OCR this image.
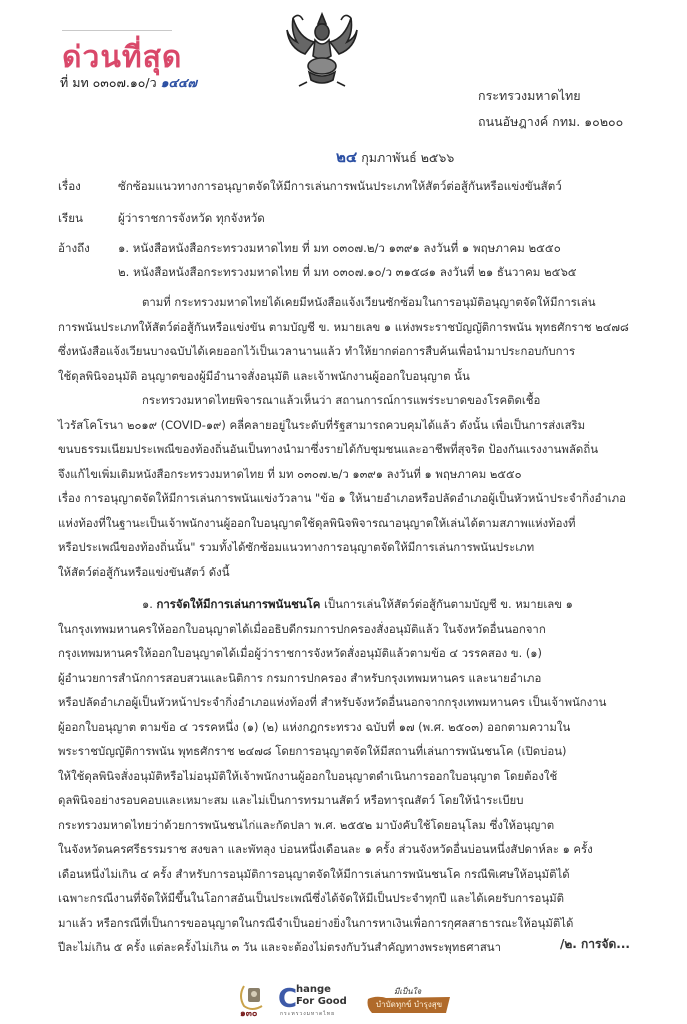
ด่วนที่สุด
ที่ มท ๐๓๐๗.๑๐/ว ๑๔๔๗
กระทรวงมหาดไทย
ถนนอัษฎางค์ กทม. ๑๐๒๐๐
๒๔ กุมภาพันธ์ ๒๕๖๖
เรื่อง	ซักซ้อมแนวทางการอนุญาตจัดให้มีการเล่นการพนันประเภทให้สัตว์ต่อสู้กันหรือแข่งขันสัตว์
เรียน	ผู้ว่าราชการจังหวัด ทุกจังหวัด
อ้างถึง ๑. หนังสือหนังสือกระทรวงมหาดไทย ที่ มท ๐๓๐๗.๒/ว ๑๓๙๑ ลงวันที่ ๑ พฤษภาคม ๒๕๕๐
๒. หนังสือหนังสือกระทรวงมหาดไทย ที่ มท ๐๓๐๗.๑๐/ว ๓๑๕๘๑ ลงวันที่ ๒๑ ธันวาคม ๒๕๖๕

ตามที่ กระทรวงมหาดไทยได้เคยมีหนังสือแจ้งเวียนซักซ้อมในการอนุมัติอนุญาตจัดให้มีการเล่น

การพนันประเภทให้สัตว์ต่อสู้กันหรือแข่งขัน ตามบัญชี ข. หมายเลข ๑ แห่งพระราชบัญญัติการพนัน พุทธศักราช ๒๔๗๘

ซึ่งหนังสือแจ้งเวียนบางฉบับได้เคยออกไว้เป็นเวลานานแล้ว ทำให้ยากต่อการสืบค้นเพื่อนำมาประกอบกับการ

ใช้ดุลพินิจอนุมัติ อนุญาตของผู้มีอำนาจสั่งอนุมัติ และเจ้าพนักงานผู้ออกใบอนุญาต นั้น

กระทรวงมหาดไทยพิจารณาแล้วเห็นว่า สถานการณ์การแพร่ระบาดของโรคติดเชื้อ

ไวรัสโคโรนา ๒๐๑๙ (COVID-๑๙) คลี่คลายอยู่ในระดับที่รัฐสามารถควบคุมได้แล้ว ดังนั้น เพื่อเป็นการส่งเสริม

ขนบธรรมเนียมประเพณีของท้องถิ่นอันเป็นทางนำมาซึ่งรายได้กับชุมชนและอาชีพที่สุจริต ป้องกันแรงงานพลัดถิ่น

จึงแก้ไขเพิ่มเติมหนังสือกระทรวงมหาดไทย ที่ มท ๐๓๐๗.๒/ว ๑๓๙๑ ลงวันที่ ๑ พฤษภาคม ๒๕๕๐

เรื่อง การอนุญาตจัดให้มีการเล่นการพนันแข่งวัวลาน "ข้อ ๑ ให้นายอำเภอหรือปลัดอำเภอผู้เป็นหัวหน้าประจำกิ่งอำเภอ

แห่งท้องที่ในฐานะเป็นเจ้าพนักงานผู้ออกใบอนุญาตใช้ดุลพินิจพิจารณาอนุญาตให้เล่นได้ตามสภาพแห่งท้องที่

หรือประเพณีของท้องถิ่นนั้น" รวมทั้งได้ซักซ้อมแนวทางการอนุญาตจัดให้มีการเล่นการพนันประเภท

ให้สัตว์ต่อสู้กันหรือแข่งขันสัตว์ ดังนี้

๑. การจัดให้มีการเล่นการพนันชนโค เป็นการเล่นให้สัตว์ต่อสู้กันตามบัญชี ข. หมายเลข ๑

ในกรุงเทพมหานครให้ออกใบอนุญาตได้เมื่ออธิบดีกรมการปกครองสั่งอนุมัติแล้ว ในจังหวัดอื่นนอกจาก

กรุงเทพมหานครให้ออกใบอนุญาตได้เมื่อผู้ว่าราชการจังหวัดสั่งอนุมัติแล้วตามข้อ ๔ วรรคสอง ข. (๑)

ผู้อำนวยการสำนักการสอบสวนและนิติการ กรมการปกครอง สำหรับกรุงเทพมหานคร และนายอำเภอ

หรือปลัดอำเภอผู้เป็นหัวหน้าประจำกิ่งอำเภอแห่งท้องที่ สำหรับจังหวัดอื่นนอกจากกรุงเทพมหานคร เป็นเจ้าพนักงาน

ผู้ออกใบอนุญาต ตามข้อ ๔ วรรคหนึ่ง (๑) (๒) แห่งกฎกระทรวง ฉบับที่ ๑๗ (พ.ศ. ๒๕๐๓) ออกตามความใน

พระราชบัญญัติการพนัน พุทธศักราช ๒๔๗๘ โดยการอนุญาตจัดให้มีสถานที่เล่นการพนันชนโค (เปิดบ่อน)

ให้ใช้ดุลพินิจสั่งอนุมัติหรือไม่อนุมัติให้เจ้าพนักงานผู้ออกใบอนุญาตดำเนินการออกใบอนุญาต โดยต้องใช้

ดุลพินิจอย่างรอบคอบและเหมาะสม และไม่เป็นการทรมานสัตว์ หรือทารุณสัตว์ โดยให้นำระเบียบ

กระทรวงมหาดไทยว่าด้วยการพนันชนไก่และกัดปลา พ.ศ. ๒๕๕๒ มาบังคับใช้โดยอนุโลม ซึ่งให้อนุญาต

ในจังหวัดนครศรีธรรมราช สงขลา และพัทลุง บ่อนหนึ่งเดือนละ ๑ ครั้ง ส่วนจังหวัดอื่นบ่อนหนึ่งสัปดาห์ละ ๑ ครั้ง

เดือนหนึ่งไม่เกิน ๔ ครั้ง สำหรับการอนุมัติการอนุญาตจัดให้มีการเล่นการพนันชนโค กรณีพิเศษให้อนุมัติได้

เฉพาะกรณีงานที่จัดให้มีขึ้นในโอกาสอันเป็นประเพณีซึ่งได้จัดให้มีเป็นประจำทุกปี และได้เคยรับการอนุมัติ

มาแล้ว หรือกรณีที่เป็นการขออนุญาตในกรณีจำเป็นอย่างยิ่งในการหาเงินเพื่อการกุศลสาธารณะให้อนุมัติได้

ปีละไม่เกิน ๕ ครั้ง แต่ละครั้งไม่เกิน ๓ วัน และจะต้องไม่ตรงกับวันสำคัญทางพระพุทธศาสนา	/๒. การจัด...
๑๓๐ C
hange
For Good
กระทรวงมหาดไทย
มีเป็นใจ
บำบัดทุกข์ บำรุงสุข
